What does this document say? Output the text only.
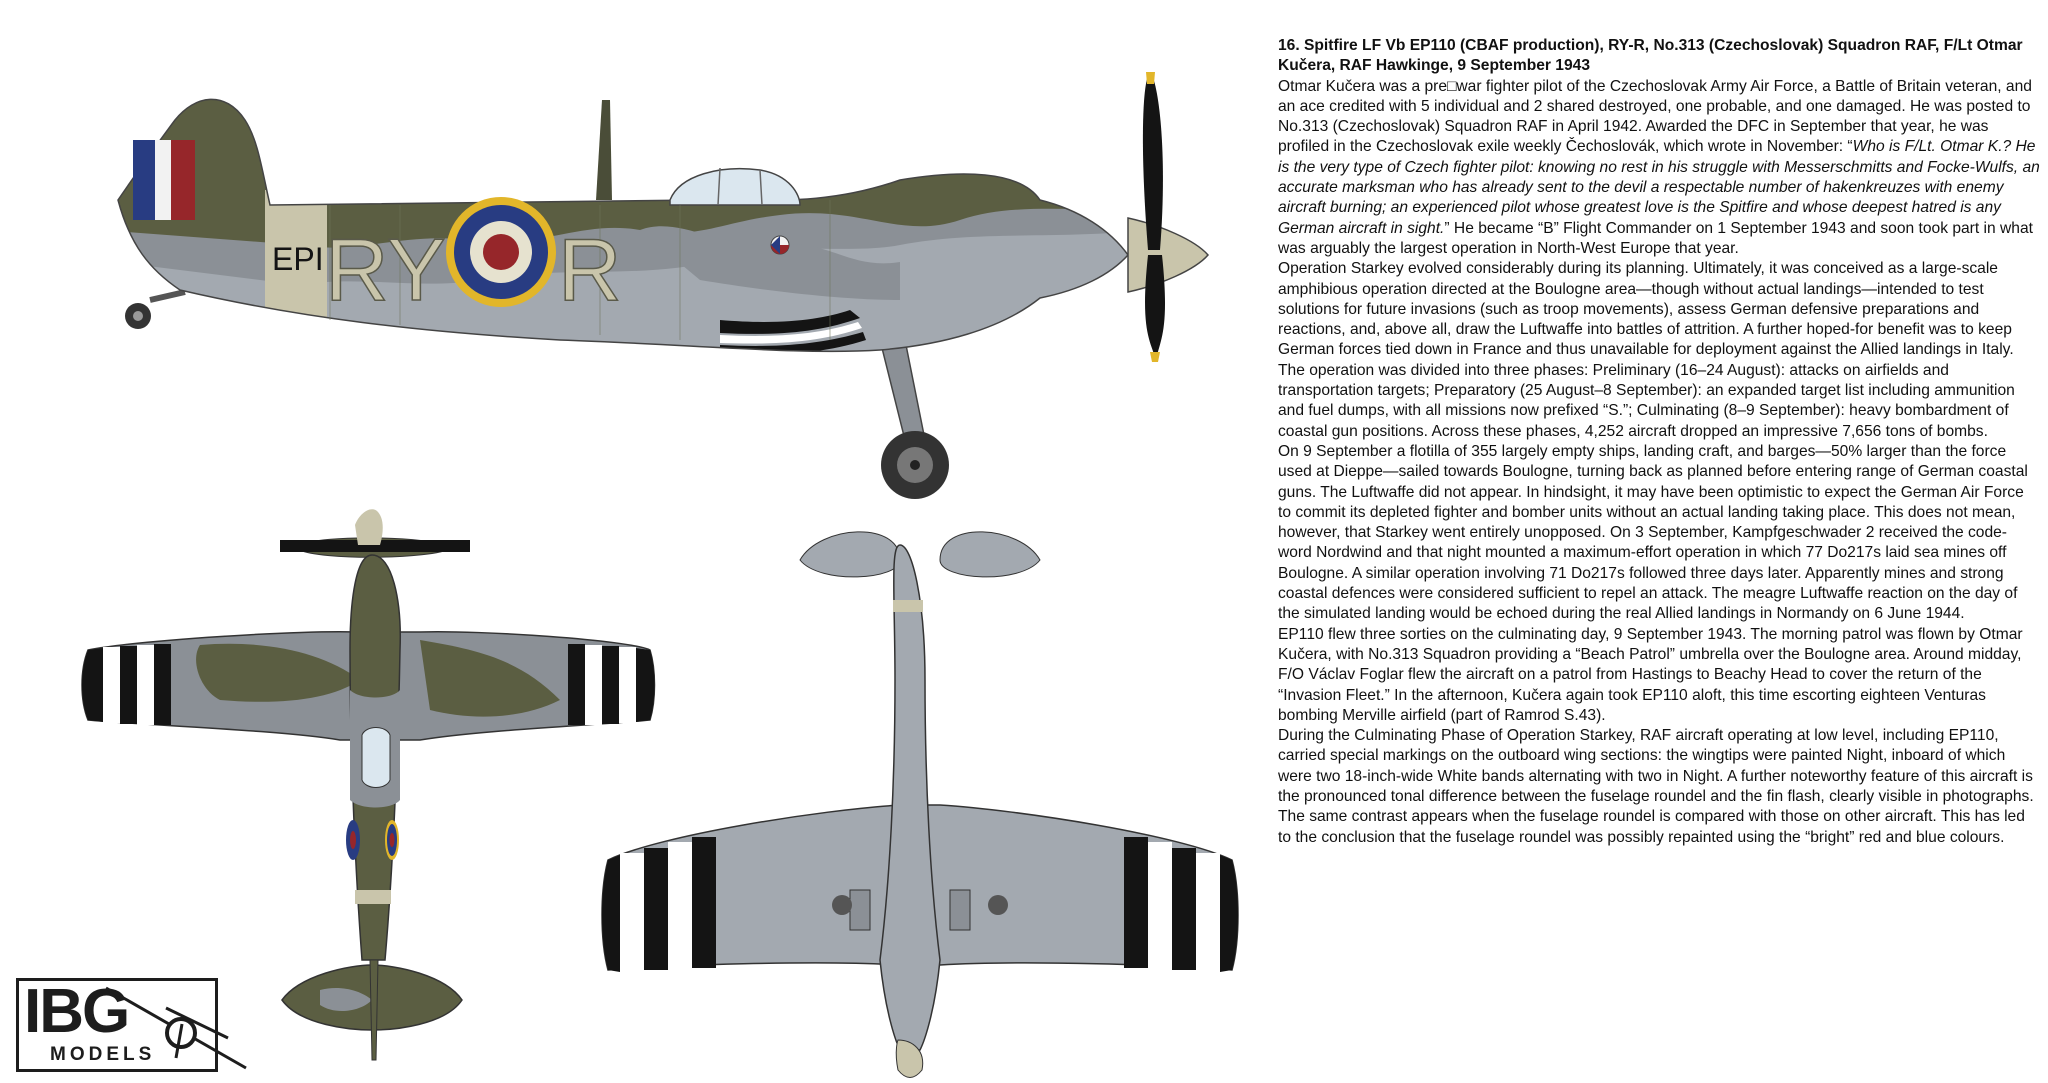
EPI RY R
IBG
MODELS
16. Spitfire LF Vb EP110 (CBAF production), RY-R, No.313 (Czechoslovak) Squadron RAF, F/Lt Otmar Kučera, RAF Hawkinge, 9 September 1943

Otmar Kučera was a pre□war fighter pilot of the Czechoslovak Army Air Force, a Battle of Britain veteran, and an ace credited with 5 individual and 2 shared destroyed, one probable, and one damaged. He was posted to No.313 (Czechoslovak) Squadron RAF in April 1942. Awarded the DFC in September that year, he was profiled in the Czechoslovak exile weekly Čechoslovák, which wrote in November: “Who is F/Lt. Otmar K.? He is the very type of Czech fighter pilot: knowing no rest in his struggle with Messerschmitts and Focke-Wulfs, an accurate marksman who has already sent to the devil a respectable number of hakenkreuzes with enemy aircraft burning; an experienced pilot whose greatest love is the Spitfire and whose deepest hatred is any German aircraft in sight.” He became “B” Flight Commander on 1 September 1943 and soon took part in what was arguably the largest operation in North-West Europe that year.

Operation Starkey evolved considerably during its planning. Ultimately, it was conceived as a large-scale amphibious operation directed at the Boulogne area—though without actual landings—intended to test solutions for future invasions (such as troop movements), assess German defensive preparations and reactions, and, above all, draw the Luftwaffe into battles of attrition. A further hoped-for benefit was to keep German forces tied down in France and thus unavailable for deployment against the Allied landings in Italy. The operation was divided into three phases: Preliminary (16–24 August): attacks on airfields and transportation targets; Preparatory (25 August–8 September): an expanded target list including ammunition and fuel dumps, with all missions now prefixed “S.”; Culminating (8–9 September): heavy bombardment of coastal gun positions. Across these phases, 4,252 aircraft dropped an impressive 7,656 tons of bombs.

On 9 September a flotilla of 355 largely empty ships, landing craft, and barges—50% larger than the force used at Dieppe—sailed towards Boulogne, turning back as planned before entering range of German coastal guns. The Luftwaffe did not appear. In hindsight, it may have been optimistic to expect the German Air Force to commit its depleted fighter and bomber units without an actual landing taking place. This does not mean, however, that Starkey went entirely unopposed. On 3 September, Kampfgeschwader 2 received the code-word Nordwind and that night mounted a maximum-effort operation in which 77 Do217s laid sea mines off Boulogne. A similar operation involving 71 Do217s followed three days later. Apparently mines and strong coastal defences were considered sufficient to repel an attack. The meagre Luftwaffe reaction on the day of the simulated landing would be echoed during the real Allied landings in Normandy on 6 June 1944.

EP110 flew three sorties on the culminating day, 9 September 1943. The morning patrol was flown by Otmar Kučera, with No.313 Squadron providing a “Beach Patrol” umbrella over the Boulogne area. Around midday, F/O Václav Foglar flew the aircraft on a patrol from Hastings to Beachy Head to cover the return of the “Invasion Fleet.” In the afternoon, Kučera again took EP110 aloft, this time escorting eighteen Venturas bombing Merville airfield (part of Ramrod S.43).

During the Culminating Phase of Operation Starkey, RAF aircraft operating at low level, including EP110, carried special markings on the outboard wing sections: the wingtips were painted Night, inboard of which were two 18-inch-wide White bands alternating with two in Night. A further noteworthy feature of this aircraft is the pronounced tonal difference between the fuselage roundel and the fin flash, clearly visible in photographs. The same contrast appears when the fuselage roundel is compared with those on other aircraft. This has led to the conclusion that the fuselage roundel was possibly repainted using the “bright” red and blue colours.
